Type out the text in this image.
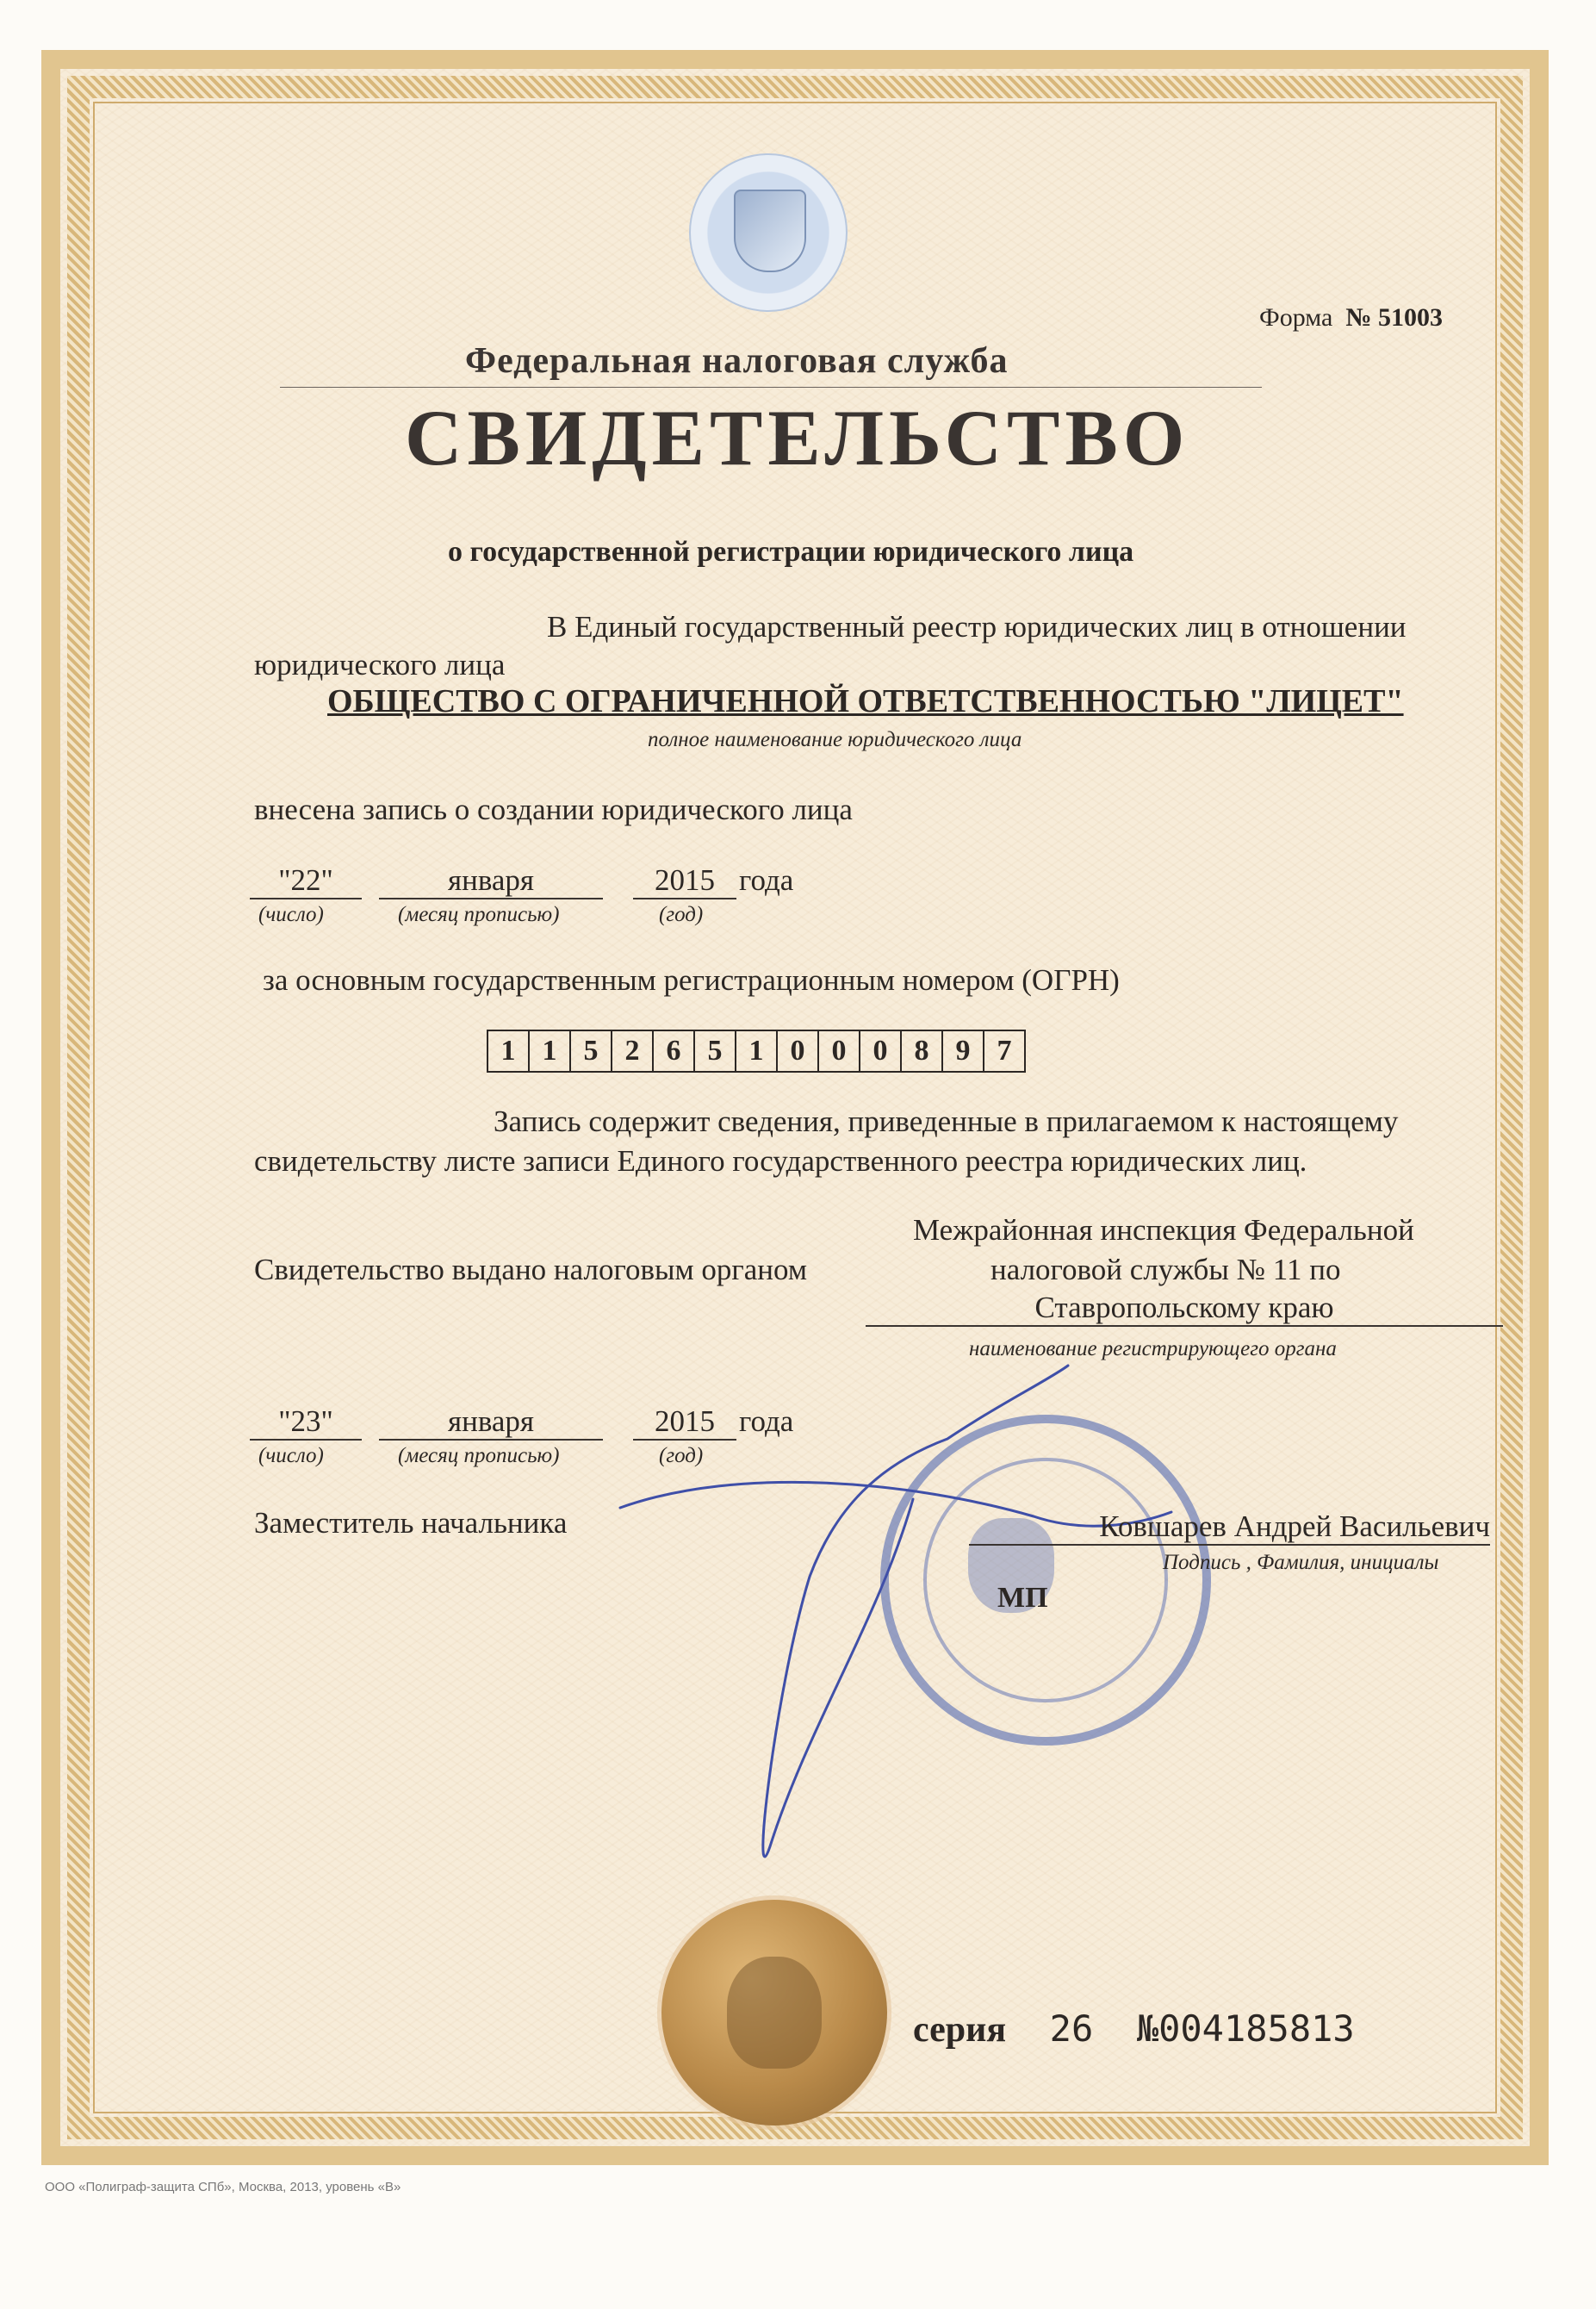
Форма № 51003
Федеральная налоговая служба
СВИДЕТЕЛЬСТВО
о государственной регистрации юридического лица
В Единый государственный реестр юридических лиц в отношении
юридического лица
ОБЩЕСТВО С ОГРАНИЧЕННОЙ ОТВЕТСТВЕННОСТЬЮ "ЛИЦЕТ"
полное наименование юридического лица
внесена запись о создании юридического лица
"22"	января	2015 года
(число)	(месяц прописью)	(год)
за основным государственным регистрационным номером (ОГРН)
1 1 5 2 6 5 1 0 0 0 8 9 7
Запись содержит сведения, приведенные в прилагаемом к настоящему
свидетельству листе записи Единого государственного реестра юридических лиц.
Межрайонная инспекция Федеральной
Свидетельство выдано налоговым органом	налоговой службы № 11 по
Ставропольскому краю
наименование регистрирующего органа
"23"	января	2015 года
(число)	(месяц прописью)	(год)
Заместитель начальника	Ковшарев Андрей Васильевич
Подпись , Фамилия, инициалы
МП
серия 26 №004185813
ООО «Полиграф-защита СПб», Москва, 2013, уровень «В»
